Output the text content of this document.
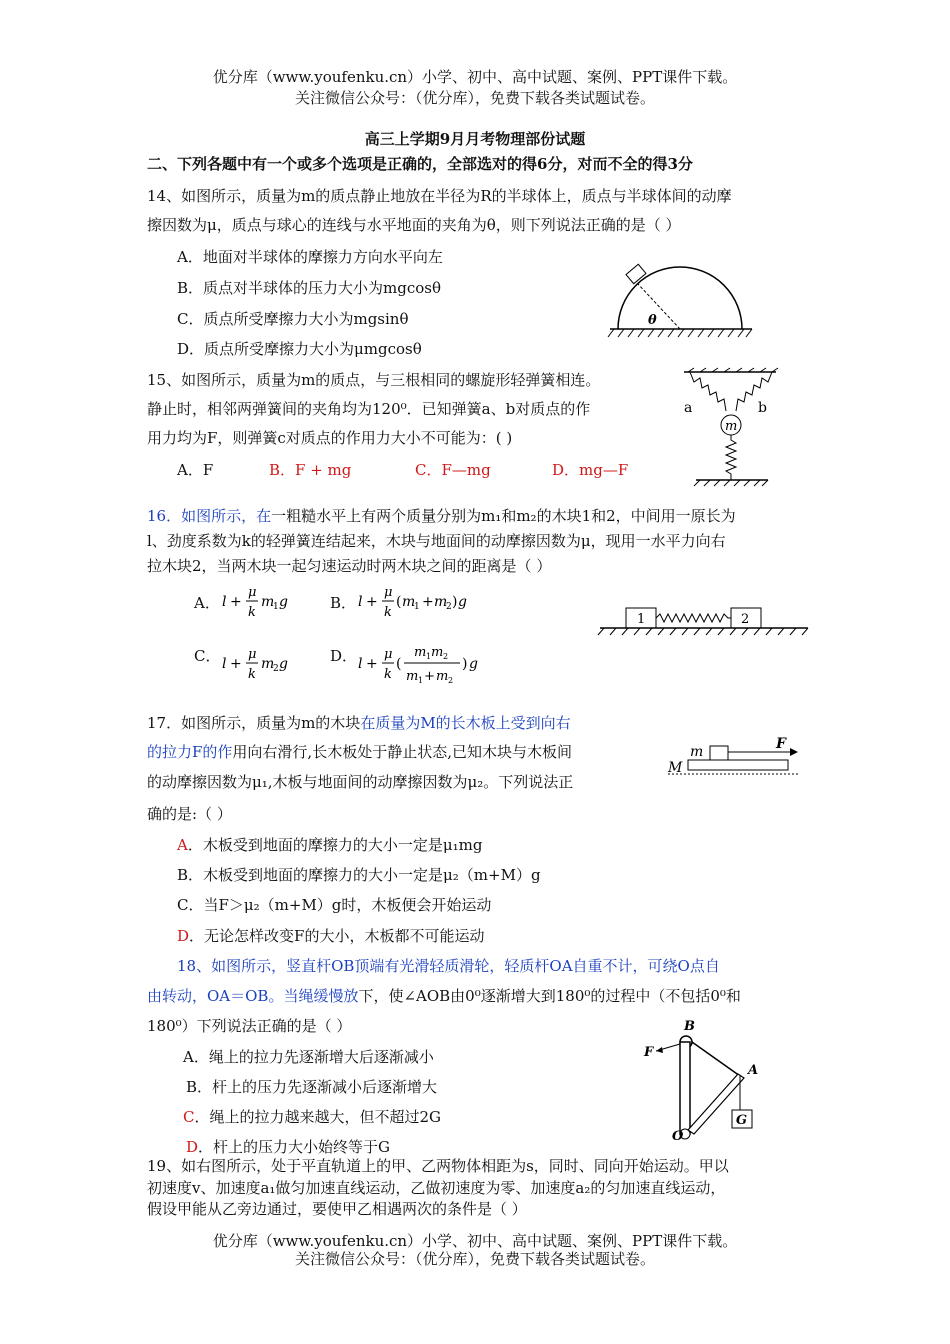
优分库（www.youfenku.cn）小学、初中、高中试题、案例、PPT课件下载。
关注微信公众号：（优分库），免费下载各类试题试卷。
高三上学期9月月考物理部份试题
二、下列各题中有一个或多个选项是正确的，全部选对的得6分，对而不全的得3分
14、如图所示，质量为m的质点静止地放在半径为R的半球体上，质点与半球体间的动摩
擦因数为μ，质点与球心的连线与水平地面的夹角为θ，则下列说法正确的是（ ）
A．地面对半球体的摩擦力方向水平向左
B．质点对半球体的压力大小为mgcosθ
C．质点所受摩擦力大小为mgsinθ
D．质点所受摩擦力大小为μmgcosθ
θ
15、如图所示，质量为m的质点，与三根相同的螺旋形轻弹簧相连。
静止时，相邻两弹簧间的夹角均为120⁰．已知弹簧a、b对质点的作
用力均为F，则弹簧c对质点的作用力大小不可能为：( )
A．F	B．F + mg	C．F—mg	D．mg—F
m
a	b
16．如图所示，在一粗糙水平上有两个质量分别为m₁和m₂的木块1和2，中间用一原长为
l、劲度系数为k的轻弹簧连结起来，木块与地面间的动摩擦因数为μ，现用一水平力向右
拉木块2，当两木块一起匀速运动时两木块之间的距离是（ ）
A．	B．
C．	D．
l +
μ
k
m
1 g	l +
μ
k
( m
1 + m
2 ) g
l +
μ
k
m
2 g	l +
μ
k
(
m 1 m 2
m 1 + m 2
) g
1	2
17．如图所示，质量为m的木块在质量为M的长木板上受到向右
的拉力F的作用向右滑行,长木板处于静止状态,已知木块与木板间
的动摩擦因数为μ₁,木板与地面间的动摩擦因数为μ₂。下列说法正
确的是:（ ）
A．木板受到地面的摩擦力的大小一定是μ₁mg
B．木板受到地面的摩擦力的大小一定是μ₂（m+M）g
C．当F＞μ₂（m+M）g时，木板便会开始运动
D．无论怎样改变F的大小，木板都不可能运动
m	F
M
18、如图所示，竖直杆OB顶端有光滑轻质滑轮，轻质杆OA自重不计，可绕O点自
由转动，OA＝OB。当绳缓慢放下，使∠AOB由0⁰逐渐增大到180⁰的过程中（不包括0⁰和
180⁰）下列说法正确的是（ ）
A．绳上的拉力先逐渐增大后逐渐减小
B．杆上的压力先逐渐减小后逐渐增大
C．绳上的拉力越来越大，但不超过2G
D．杆上的压力大小始终等于G
B
F
A
G
O
19、如右图所示，处于平直轨道上的甲、乙两物体相距为s，同时、同向开始运动。甲以
初速度v、加速度a₁做匀加速直线运动，乙做初速度为零、加速度a₂的匀加速直线运动，
假设甲能从乙旁边通过，要使甲乙相遇两次的条件是（ ）
优分库（www.youfenku.cn）小学、初中、高中试题、案例、PPT课件下载。
关注微信公众号：（优分库），免费下载各类试题试卷。
